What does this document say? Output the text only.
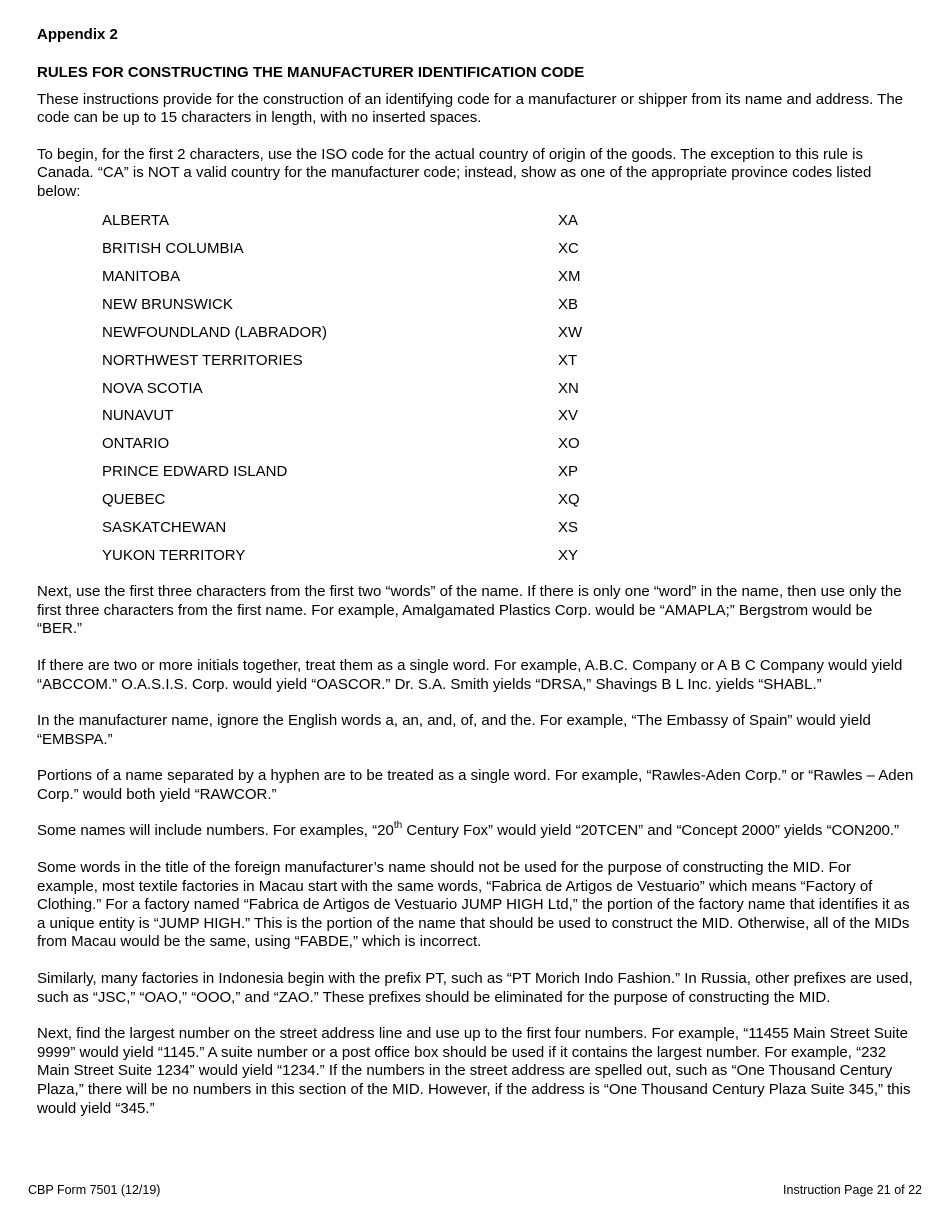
Appendix 2
RULES FOR CONSTRUCTING THE MANUFACTURER IDENTIFICATION CODE

These instructions provide for the construction of an identifying code for a manufacturer or shipper from its name and address. The code can be up to 15 characters in length, with no inserted spaces.

To begin, for the first 2 characters, use the ISO code for the actual country of origin of the goods. The exception to this rule is Canada. “CA” is NOT a valid country for the manufacturer code; instead, show as one of the appropriate province codes listed below:

ALBERTA	XA
BRITISH COLUMBIA	XC
MANITOBA	XM
NEW BRUNSWICK	XB
NEWFOUNDLAND (LABRADOR)	XW
NORTHWEST TERRITORIES	XT
NOVA SCOTIA	XN
NUNAVUT	XV
ONTARIO	XO
PRINCE EDWARD ISLAND	XP
QUEBEC	XQ
SASKATCHEWAN	XS
YUKON TERRITORY	XY

Next, use the first three characters from the first two “words” of the name. If there is only one “word” in the name, then use only the first three characters from the first name. For example, Amalgamated Plastics Corp. would be “AMAPLA;” Bergstrom would be “BER.”

If there are two or more initials together, treat them as a single word. For example, A.B.C. Company or A B C Company would yield “ABCCOM.” O.A.S.I.S. Corp. would yield “OASCOR.” Dr. S.A. Smith yields “DRSA,” Shavings B L Inc. yields “SHABL.”

In the manufacturer name, ignore the English words a, an, and, of, and the. For example, “The Embassy of Spain” would yield “EMBSPA.”

Portions of a name separated by a hyphen are to be treated as a single word. For example, “Rawles-Aden Corp.” or “Rawles – Aden Corp.” would both yield “RAWCOR.”

Some names will include numbers. For examples, “20th Century Fox” would yield “20TCEN” and “Concept 2000” yields “CON200.”

Some words in the title of the foreign manufacturer’s name should not be used for the purpose of constructing the MID. For example, most textile factories in Macau start with the same words, “Fabrica de Artigos de Vestuario” which means “Factory of Clothing.” For a factory named “Fabrica de Artigos de Vestuario JUMP HIGH Ltd,” the portion of the factory name that identifies it as a unique entity is “JUMP HIGH.” This is the portion of the name that should be used to construct the MID. Otherwise, all of the MIDs from Macau would be the same, using “FABDE,” which is incorrect.

Similarly, many factories in Indonesia begin with the prefix PT, such as “PT Morich Indo Fashion.” In Russia, other prefixes are used, such as “JSC,” “OAO,” “OOO,” and “ZAO.” These prefixes should be eliminated for the purpose of constructing the MID.

Next, find the largest number on the street address line and use up to the first four numbers. For example, “11455 Main Street Suite 9999” would yield “1145.” A suite number or a post office box should be used if it contains the largest number. For example, “232 Main Street Suite 1234” would yield “1234.” If the numbers in the street address are spelled out, such as “One Thousand Century Plaza,” there will be no numbers in this section of the MID. However, if the address is “One Thousand Century Plaza Suite 345,” this would yield “345.”

CBP Form 7501 (12/19)	Instruction Page 21 of 22
